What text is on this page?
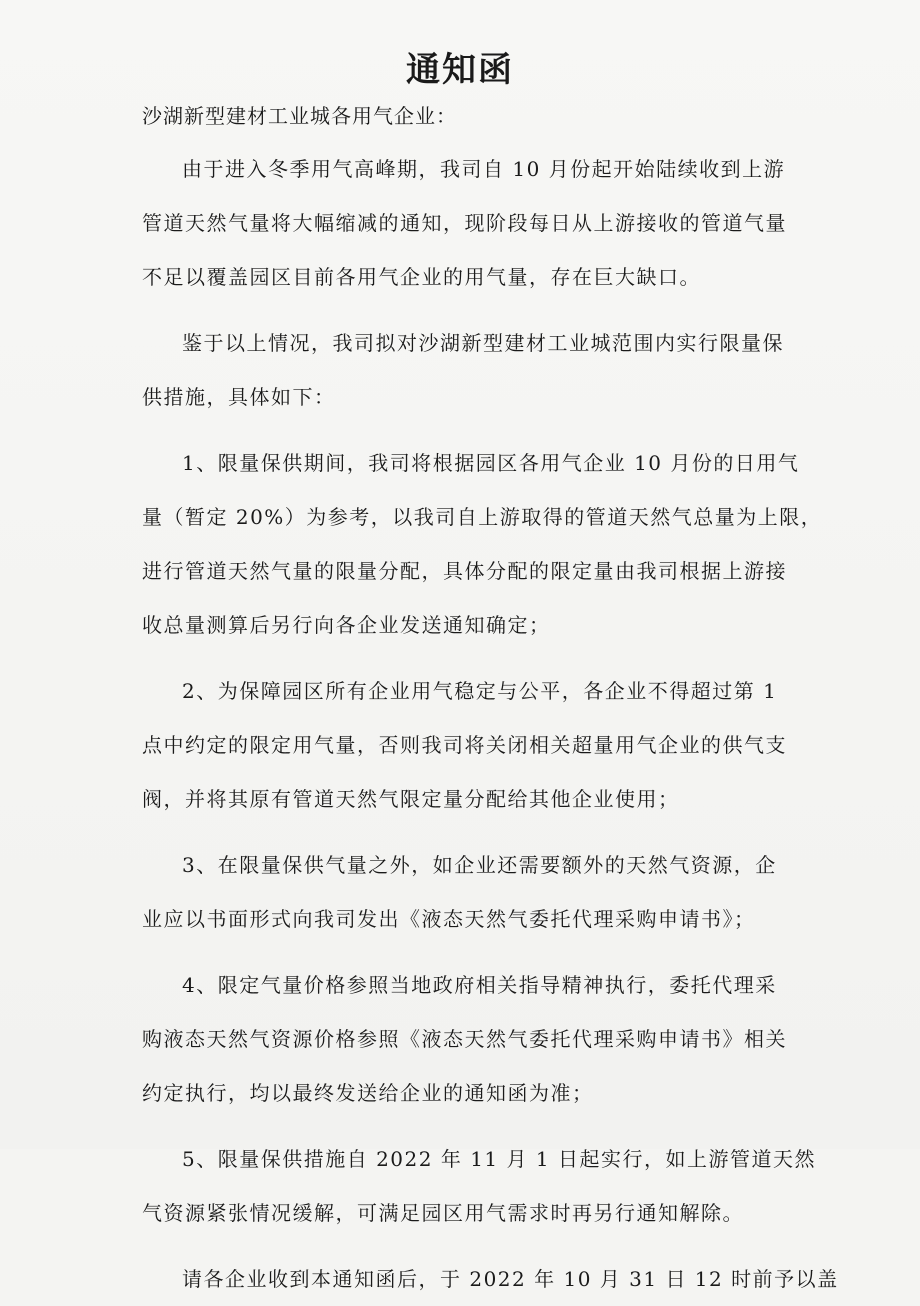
通知函

沙湖新型建材工业城各用气企业：

由于进入冬季用气高峰期，我司自 10 月份起开始陆续收到上游
管道天然气量将大幅缩减的通知，现阶段每日从上游接收的管道气量
不足以覆盖园区目前各用气企业的用气量，存在巨大缺口。
鉴于以上情况，我司拟对沙湖新型建材工业城范围内实行限量保
供措施，具体如下：
1、限量保供期间，我司将根据园区各用气企业 10 月份的日用气
量（暂定 20%）为参考，以我司自上游取得的管道天然气总量为上限，
进行管道天然气量的限量分配，具体分配的限定量由我司根据上游接
收总量测算后另行向各企业发送通知确定；
2、为保障园区所有企业用气稳定与公平，各企业不得超过第 1
点中约定的限定用气量，否则我司将关闭相关超量用气企业的供气支
阀，并将其原有管道天然气限定量分配给其他企业使用；
3、在限量保供气量之外，如企业还需要额外的天然气资源，企
业应以书面形式向我司发出《液态天然气委托代理采购申请书》；
4、限定气量价格参照当地政府相关指导精神执行，委托代理采
购液态天然气资源价格参照《液态天然气委托代理采购申请书》相关
约定执行，均以最终发送给企业的通知函为准；
5、限量保供措施自 2022 年 11 月 1 日起实行，如上游管道天然
气资源紧张情况缓解，可满足园区用气需求时再另行通知解除。
请各企业收到本通知函后，于 2022 年 10 月 31 日 12 时前予以盖
